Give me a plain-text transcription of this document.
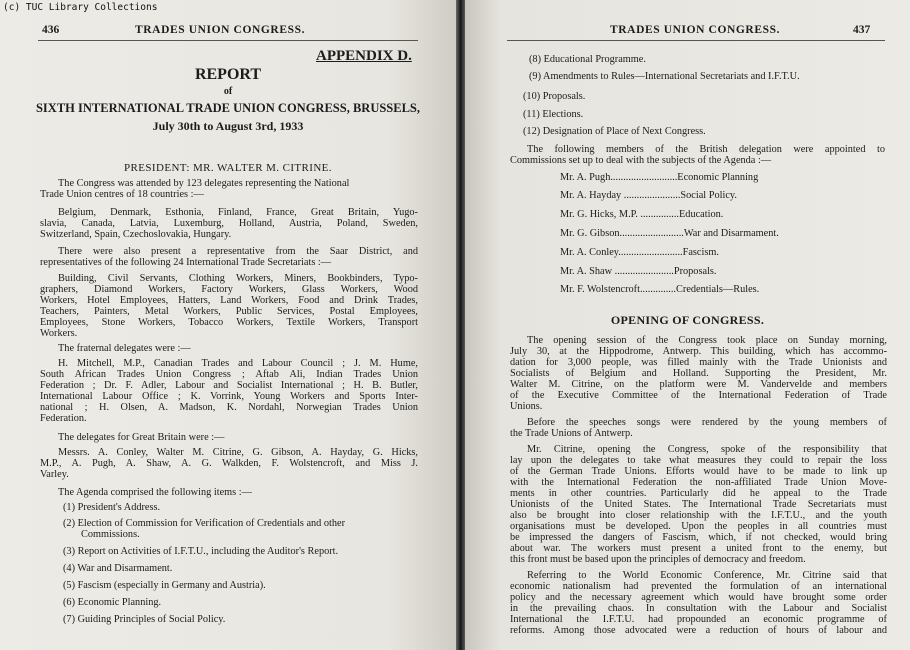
(c) TUC Library Collections
436	TRADES UNION CONGRESS.
APPENDIX D.
REPORT
of
SIXTH INTERNATIONAL TRADE UNION CONGRESS, BRUSSELS,
July 30th to August 3rd, 1933
PRESIDENT: MR. WALTER M. CITRINE.
The Congress was attended by 123 delegates representing the National
Trade Union centres of 18 countries :—
Belgium, Denmark, Esthonia, Finland, France, Great Britain, Yugo-
slavia, Canada, Latvia, Luxemburg, Holland, Austria, Poland, Sweden,
Switzerland, Spain, Czechoslovakia, Hungary.
There were also present a representative from the Saar District, and
representatives of the following 24 International Trade Secretariats :—
Building, Civil Servants, Clothing Workers, Miners, Bookbinders, Typo-
graphers, Diamond Workers, Factory Workers, Glass Workers, Wood
Workers, Hotel Employees, Hatters, Land Workers, Food and Drink Trades,
Teachers, Painters, Metal Workers, Public Services, Postal Employees,
Employees, Stone Workers, Tobacco Workers, Textile Workers, Transport
Workers.
The fraternal delegates were :—
H. Mitchell, M.P., Canadian Trades and Labour Council ; J. M. Hume,
South African Trades Union Congress ; Aftab Ali, Indian Trades Union
Federation ; Dr. F. Adler, Labour and Socialist International ; H. B. Butler,
International Labour Office ; K. Vorrink, Young Workers and Sports Inter-
national ; H. Olsen, A. Madson, K. Nordahl, Norwegian Trades Union
Federation.
The delegates for Great Britain were :—
Messrs. A. Conley, Walter M. Citrine, G. Gibson, A. Hayday, G. Hicks,
M.P., A. Pugh, A. Shaw, A. G. Walkden, F. Wolstencroft, and Miss J.
Varley.
The Agenda comprised the following items :—
(1) President's Address.
(2) Election of Commission for Verification of Credentials and other
Commissions.
(3) Report on Activities of I.F.T.U., including the Auditor's Report.
(4) War and Disarmament.
(5) Fascism (especially in Germany and Austria).
(6) Economic Planning.
(7) Guiding Principles of Social Policy.
TRADES UNION CONGRESS.	437
(8) Educational Programme.
(9) Amendments to Rules—International Secretariats and I.F.T.U.
(10) Proposals.
(11) Elections.
(12) Designation of Place of Next Congress.
The following members of the British delegation were appointed to
Commissions set up to deal with the subjects of the Agenda :—
Mr. A. Pugh..........................Economic Planning
Mr. A. Hayday ......................Social Policy.
Mr. G. Hicks, M.P. ...............Education.
Mr. G. Gibson.........................War and Disarmament.
Mr. A. Conley.........................Fascism.
Mr. A. Shaw .......................Proposals.
Mr. F. Wolstencroft..............Credentials—Rules.
OPENING OF CONGRESS.
The opening session of the Congress took place on Sunday morning,
July 30, at the Hippodrome, Antwerp. This building, which has accommo-
dation for 3,000 people, was filled mainly with the Trade Unionists and
Socialists of Belgium and Holland. Supporting the President, Mr.
Walter M. Citrine, on the platform were M. Vandervelde and members
of the Executive Committee of the International Federation of Trade
Unions.
Before the speeches songs were rendered by the young members of
the Trade Unions of Antwerp.
Mr. Citrine, opening the Congress, spoke of the responsibility that
lay upon the delegates to take what measures they could to repair the loss
of the German Trade Unions. Efforts would have to be made to link up
with the International Federation the non-affiliated Trade Union Move-
ments in other countries. Particularly did he appeal to the Trade
Unionists of the United States. The International Trade Secretariats must
also be brought into closer relationship with the I.F.T.U., and the youth
organisations must be developed. Upon the peoples in all countries must
be impressed the dangers of Fascism, which, if not checked, would bring
about war. The workers must present a united front to the enemy, but
this front must be based upon the principles of democracy and freedom.
Referring to the World Economic Conference, Mr. Citrine said that
economic nationalism had prevented the formulation of an international
policy and the necessary agreement which would have brought some order
in the prevailing chaos. In consultation with the Labour and Socialist
International the I.F.T.U. had propounded an economic programme of
reforms. Among those advocated were a reduction of hours of labour and
